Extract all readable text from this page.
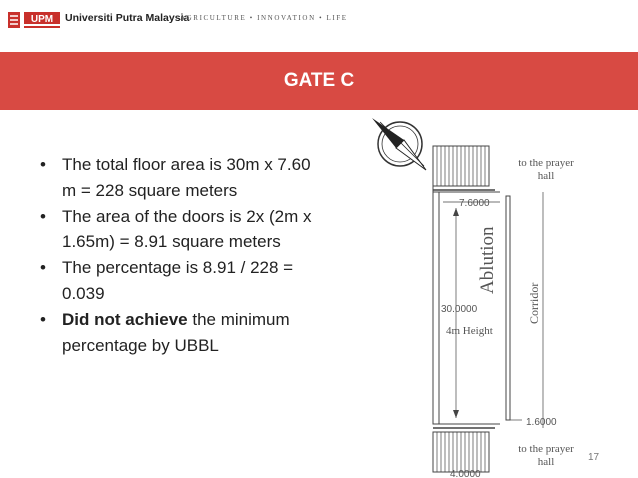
UPM Universiti Putra Malaysia
AGRICULTURE • INNOVATION • LIFE
GATE C
• The total floor area is 30m x 7.60 m = 228 square meters
• The area of the doors is 2x (2m x 1.65m) = 8.91 square meters
• The percentage is 8.91 / 228 = 0.039
• Did not achieve the minimum percentage by UBBL
to the prayer
hall
7.6000
Ablution
Corridor
30.0000
4m Height
1.6000
to the prayer
hall
4.0000
17
